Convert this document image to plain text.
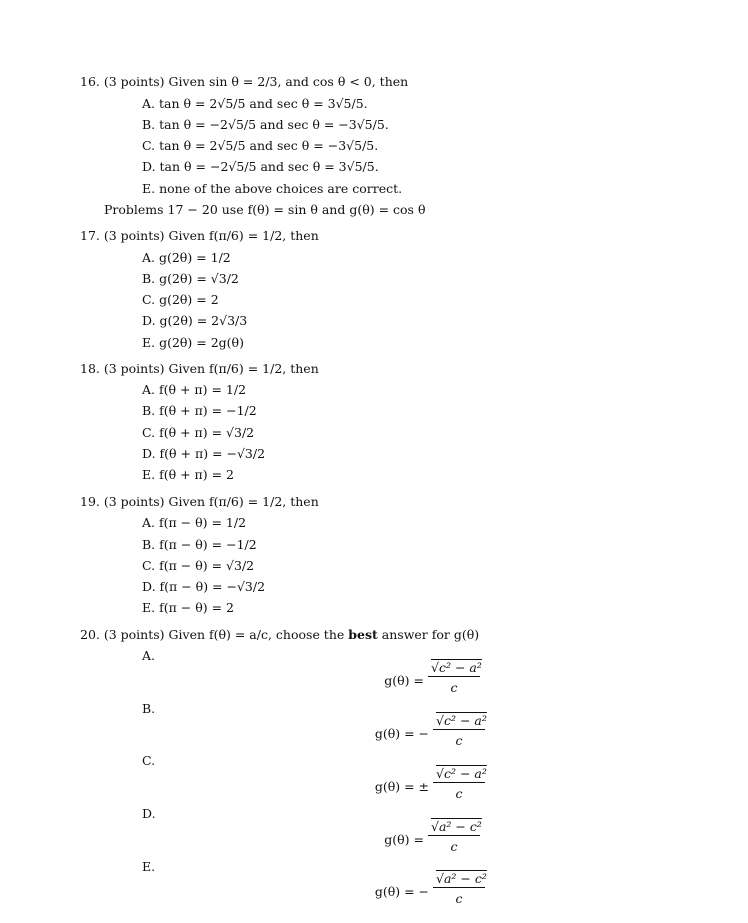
16. (3 points) Given sin θ = 2/3, and cos θ < 0, then
A. tan θ = 2√5/5 and sec θ = 3√5/5.
B. tan θ = −2√5/5 and sec θ = −3√5/5.
C. tan θ = 2√5/5 and sec θ = −3√5/5.
D. tan θ = −2√5/5 and sec θ = 3√5/5.
E. none of the above choices are correct.
Problems 17 − 20 use f(θ) = sin θ and g(θ) = cos θ
17. (3 points) Given f(π/6) = 1/2, then
A. g(2θ) = 1/2
B. g(2θ) = √3/2
C. g(2θ) = 2
D. g(2θ) = 2√3/3
E. g(2θ) = 2g(θ)
18. (3 points) Given f(π/6) = 1/2, then
A. f(θ + π) = 1/2
B. f(θ + π) = −1/2
C. f(θ + π) = √3/2
D. f(θ + π) = −√3/2
E. f(θ + π) = 2
19. (3 points) Given f(π/6) = 1/2, then
A. f(π − θ) = 1/2
B. f(π − θ) = −1/2
C. f(π − θ) = √3/2
D. f(π − θ) = −√3/2
E. f(π − θ) = 2
20. (3 points) Given f(θ) = a/c, choose the best answer for g(θ)
A.
g(θ) =
√c² − a²
c
B.
g(θ) = −
√c² − a²
c
C.
g(θ) = ±
√c² − a²
c
D.
g(θ) =
√a² − c²
c
E.
g(θ) = −
√a² − c²
c
